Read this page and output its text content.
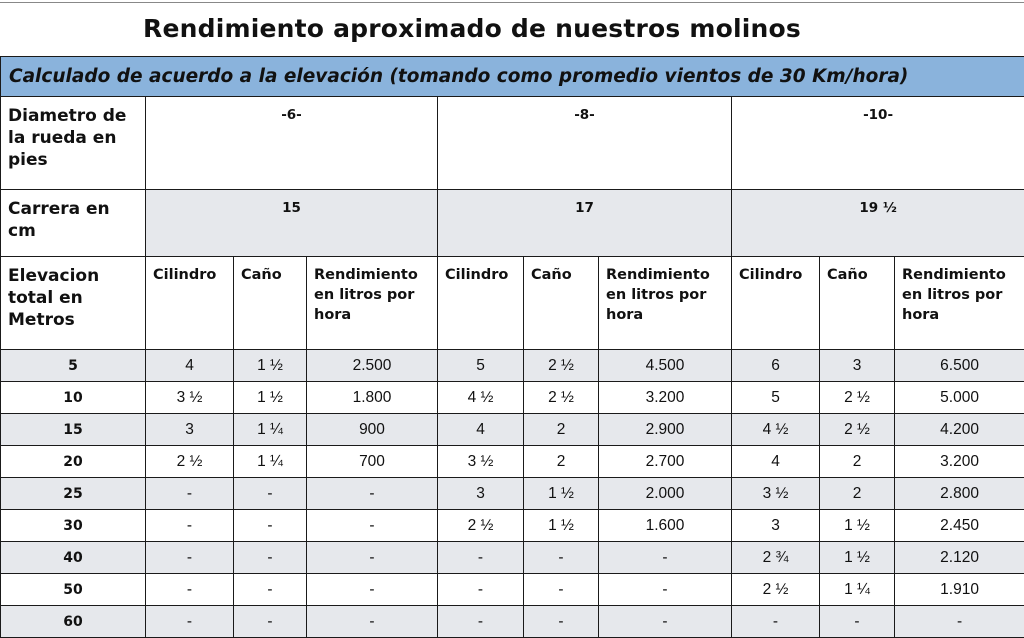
Rendimiento aproximado de nuestros molinos
Calculado de acuerdo a la elevación (tomando como promedio vientos de 30 Km/hora)									
Diametro de la rueda en pies	-6-			-8-			-10-		
Carrera en cm	15			17			19 ½		
Elevacion total en Metros	Cilindro	Caño	Rendimiento en litros por hora	Cilindro	Caño	Rendimiento en litros por hora	Cilindro	Caño	Rendimiento en litros por hora
5	4	1 ½	2.500	5	2 ½	4.500	6	3	6.500
10	3 ½	1 ½	1.800	4 ½	2 ½	3.200	5	2 ½	5.000
15	3	1 ¼	900	4	2	2.900	4 ½	2 ½	4.200
20	2 ½	1 ¼	700	3 ½	2	2.700	4	2	3.200
25	-	-	-	3	1 ½	2.000	3 ½	2	2.800
30	-	-	-	2 ½	1 ½	1.600	3	1 ½	2.450
40	-	-	-	-	-	-	2 ¾	1 ½	2.120
50	-	-	-	-	-	-	2 ½	1 ¼	1.910
60	-	-	-	-	-	-	-	-	-
